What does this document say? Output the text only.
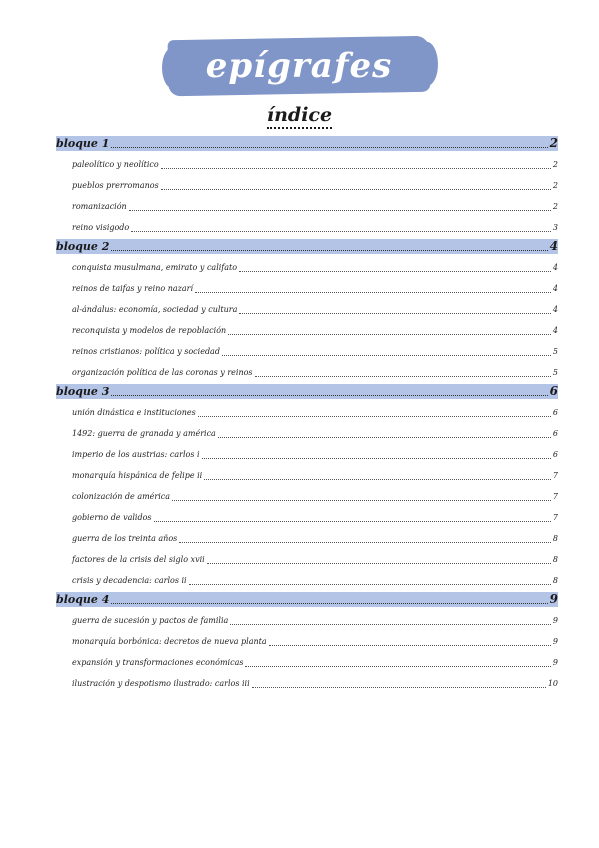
epígrafes
índice
bloque 1	2
paleolítico y neolítico	2
pueblos prerromanos	2
romanización	2
reino visigodo	3
bloque 2	4
conquista musulmana, emirato y califato	4
reinos de taifas y reino nazarí	4
al-ándalus: economía, sociedad y cultura	4
reconquista y modelos de repoblación	4
reinos cristianos: política y sociedad	5
organización política de las coronas y reinos	5
bloque 3	6
unión dinástica e instituciones	6
1492: guerra de granada y américa	6
imperio de los austrias: carlos i	6
monarquía hispánica de felipe ii	7
colonización de américa	7
gobierno de validos	7
guerra de los treinta años	8
factores de la crisis del siglo xvii	8
crisis y decadencia: carlos ii	8
bloque 4	9
guerra de sucesión y pactos de familia	9
monarquía borbónica: decretos de nueva planta	9
expansión y transformaciones económicas	9
ilustración y despotismo ilustrado: carlos iii	10
